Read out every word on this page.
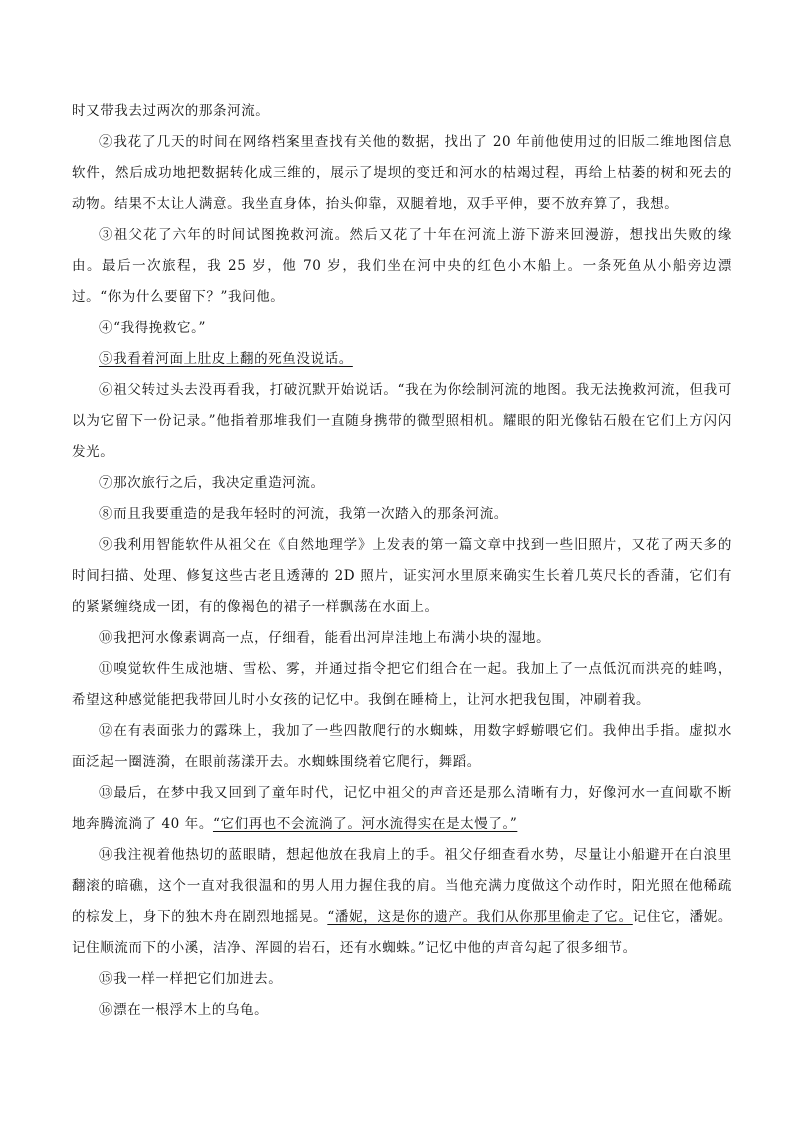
时又带我去过两次的那条河流。

②我花了几天的时间在网络档案里查找有关他的数据，找出了 20 年前他使用过的旧版二维地图信息软件，然后成功地把数据转化成三维的，展示了堤坝的变迁和河水的枯竭过程，再给上枯萎的树和死去的动物。结果不太让人满意。我坐直身体，抬头仰靠，双腿着地，双手平伸，要不放弃算了，我想。

③祖父花了六年的时间试图挽救河流。然后又花了十年在河流上游下游来回漫游，想找出失败的缘由。最后一次旅程，我 25 岁，他 70 岁，我们坐在河中央的红色小木船上。一条死鱼从小船旁边漂过。“你为什么要留下？”我问他。

④“我得挽救它。”

⑤我看着河面上肚皮上翻的死鱼没说话。

⑥祖父转过头去没再看我，打破沉默开始说话。“我在为你绘制河流的地图。我无法挽救河流，但我可以为它留下一份记录。”他指着那堆我们一直随身携带的微型照相机。耀眼的阳光像钻石般在它们上方闪闪发光。

⑦那次旅行之后，我决定重造河流。

⑧而且我要重造的是我年轻时的河流，我第一次踏入的那条河流。

⑨我利用智能软件从祖父在《自然地理学》上发表的第一篇文章中找到一些旧照片，又花了两天多的时间扫描、处理、修复这些古老且透薄的 2D 照片，证实河水里原来确实生长着几英尺长的香蒲，它们有的紧紧缠绕成一团，有的像褐色的裙子一样飘荡在水面上。

⑩我把河水像素调高一点，仔细看，能看出河岸洼地上布满小块的湿地。

⑪嗅觉软件生成池塘、雪松、雾，并通过指令把它们组合在一起。我加上了一点低沉而洪亮的蛙鸣，希望这种感觉能把我带回儿时小女孩的记忆中。我倒在睡椅上，让河水把我包围，冲刷着我。

⑫在有表面张力的露珠上，我加了一些四散爬行的水蜘蛛，用数字蜉蝣喂它们。我伸出手指。虚拟水面泛起一圈涟漪，在眼前荡漾开去。水蜘蛛围绕着它爬行，舞蹈。

⑬最后，在梦中我又回到了童年时代，记忆中祖父的声音还是那么清晰有力，好像河水一直间歇不断地奔腾流淌了 40 年。“它们再也不会流淌了。河水流得实在是太慢了。”

⑭我注视着他热切的蓝眼睛，想起他放在我肩上的手。祖父仔细查看水势，尽量让小船避开在白浪里翻滚的暗礁，这个一直对我很温和的男人用力握住我的肩。当他充满力度做这个动作时，阳光照在他稀疏的棕发上，身下的独木舟在剧烈地摇晃。“潘妮，这是你的遗产。我们从你那里偷走了它。记住它，潘妮。记住顺流而下的小溪，洁净、浑圆的岩石，还有水蜘蛛。”记忆中他的声音勾起了很多细节。

⑮我一样一样把它们加进去。

⑯漂在一根浮木上的乌龟。
